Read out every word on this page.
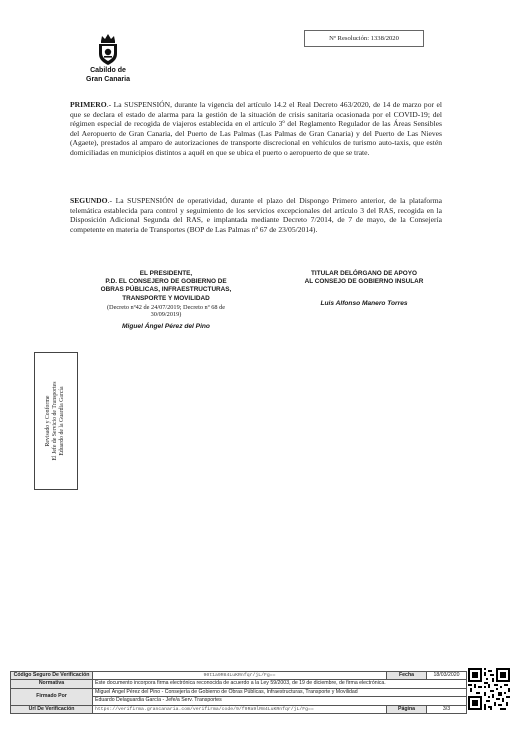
Cabildo de
Gran Canaria
Nº Resolución: 1338/2020
PRIMERO.- La SUSPENSIÓN, durante la vigencia del artículo 14.2 el Real Decreto 463/2020, de 14 de marzo por el que se declara el estado de alarma para la gestión de la situación de crisis sanitaria ocasionada por el COVID-19; del régimen especial de recogida de viajeros establecida en el artículo 3º del Reglamento Regulador de las Áreas Sensibles del Aeropuerto de Gran Canaria, del Puerto de Las Palmas (Las Palmas de Gran Canaria) y del Puerto de Las Nieves (Agaete), prestados al amparo de autorizaciones de transporte discrecional en vehículos de turismo auto-taxis, que estén domiciliadas en municipios distintos a aquél en que se ubica el puerto o aeropuerto de que se trate.
SEGUNDO.- La SUSPENSIÓN de operatividad, durante el plazo del Dispongo Primero anterior, de la plataforma telemática establecida para control y seguimiento de los servicios excepcionales del artículo 3 del RAS, recogida en la Disposición Adicional Segunda del RAS, e implantada mediante Decreto 7/2014, de 7 de mayo, de la Consejería competente en materia de Transportes (BOP de Las Palmas nº 67 de 23/05/2014).
EL PRESIDENTE,
P.D. EL CONSEJERO DE GOBIERNO DE
OBRAS PÚBLICAS, INFRAESTRUCTURAS,
TRANSPORTE Y MOVILIDAD
(Decreto nº42 de 24/07/2019; Decreto nº 68 de
30/09/2019)
Miguel Ángel Pérez del Pino
TITULAR DELÓRGANO DE APOYO
AL CONSEJO DE GOBIERNO INSULAR
Luis Alfonso Manero Torres
Revisado y Conforme El Jefe de Servicio de Transportes Eduardo de la Guardia García
Código Seguro De Verificación	90t1a9R84LuKRnfqr/jL/Fg==	Fecha	18/03/2020
Normativa	Este documento incorpora firma electrónica reconocida de acuerdo a la Ley 59/2003, de 19 de diciembre, de firma electrónica.		
Firmado Por	Miguel Ángel Pérez del Pino - Consejería de Gobierno de Obras Públicas, Infraestructuras, Transporte y Movilidad		
	Eduardo Delaguardia García - Jefe/a Serv. Transportes		
Url De Verificación	https://verifirma.grancanaria.com/verifirma/code/9/f9Ra9lR84LuKRnfqr/jL/Fg==	Página	3/3
